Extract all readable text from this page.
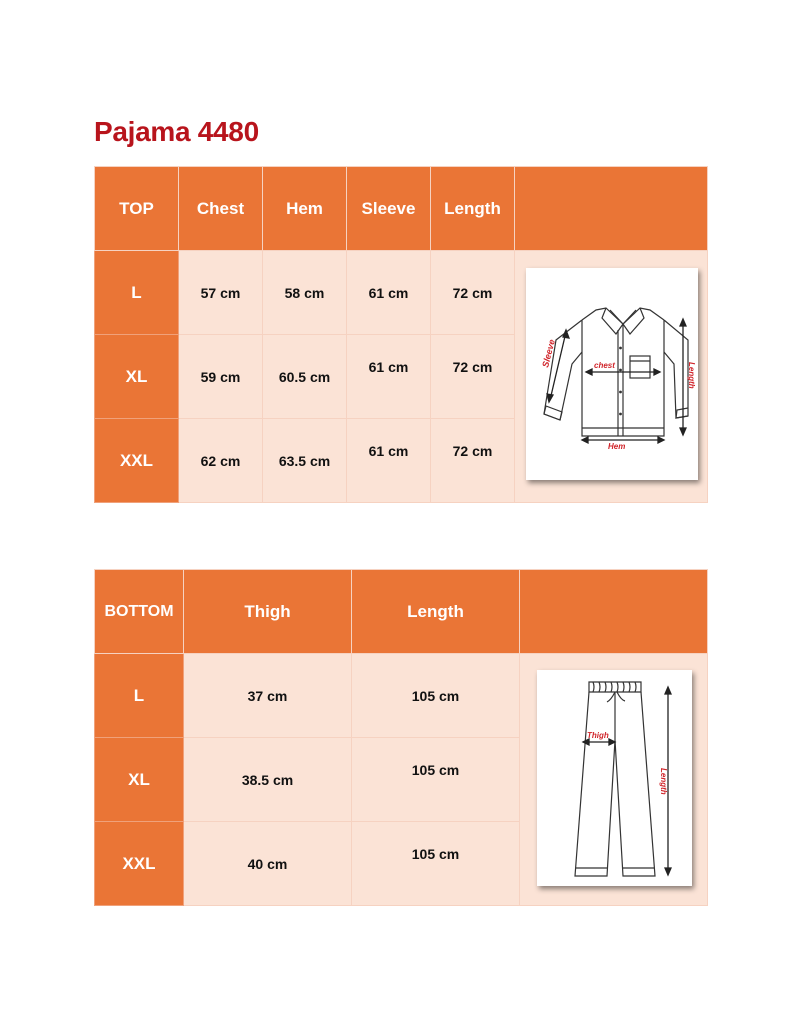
Pajama 4480
TOP	Chest	Hem	Sleeve	Length	
L	57 cm	58 cm	61 cm	72 cm	
XL	59 cm	60.5 cm	61 cm	72 cm	
XXL	62 cm	63.5 cm	61 cm	72 cm	
Sleeve	chest
Hem
Length
BOTTOM	Thigh	Length	
L	37 cm	105 cm	
XL	38.5 cm	105 cm	
XXL	40 cm	105 cm	
Thigh
Length
